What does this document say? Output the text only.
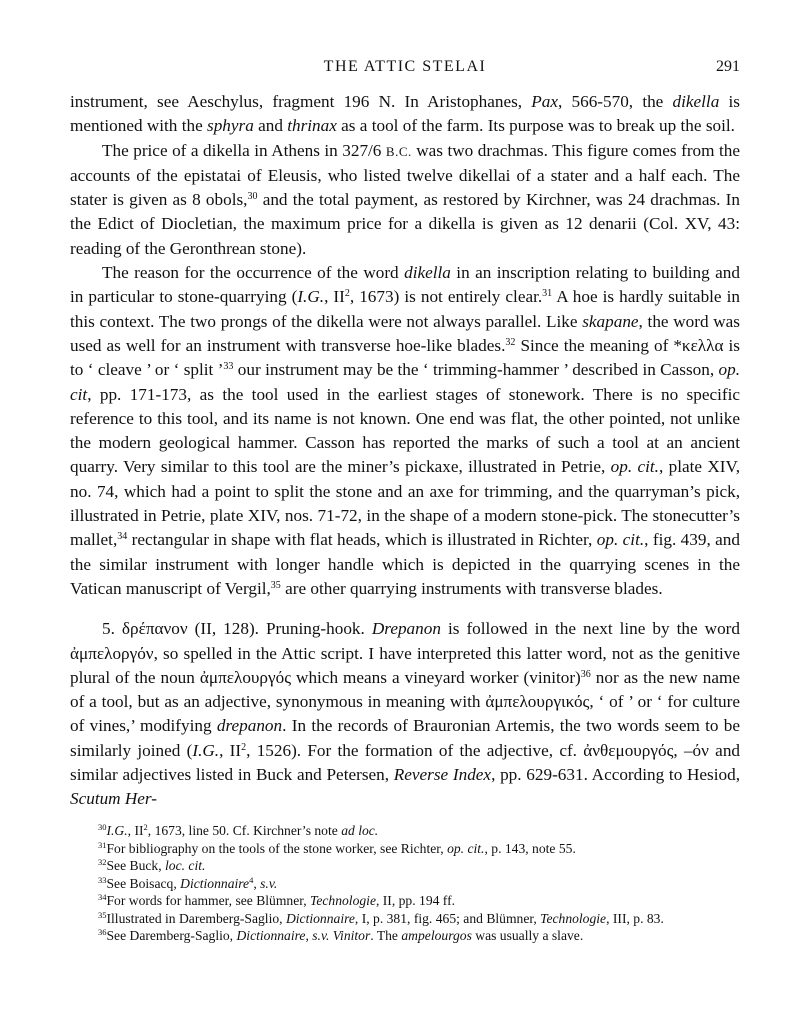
THE ATTIC STELAI	291

instrument, see Aeschylus, fragment 196 N. In Aristophanes, Pax, 566-570, the dikella is mentioned with the sphyra and thrinax as a tool of the farm. Its purpose was to break up the soil.

The price of a dikella in Athens in 327/6 B.C. was two drachmas. This figure comes from the accounts of the epistatai of Eleusis, who listed twelve dikellai of a stater and a half each. The stater is given as 8 obols,$^{30}$ and the total payment, as restored by Kirchner, was 24 drachmas. In the Edict of Diocletian, the maximum price for a dikella is given as 12 denarii (Col. XV, 43: reading of the Geronthrean stone).

The reason for the occurrence of the word dikella in an inscription relating to building and in particular to stone-quarrying (I.G., $II^2$, 1673) is not entirely clear.$^{31}$ A hoe is hardly suitable in this context. The two prongs of the dikella were not always parallel. Like skapane, the word was used as well for an instrument with transverse hoe-like blades.$^{32}$ Since the meaning of *κελλα is to ‘ cleave ’ or ‘ split ’$^{33}$ our instrument may be the ‘ trimming-hammer ’ described in Casson, op. cit, pp. 171-173, as the tool used in the earliest stages of stonework. There is no specific reference to this tool, and its name is not known. One end was flat, the other pointed, not unlike the modern geological hammer. Casson has reported the marks of such a tool at an ancient quarry. Very similar to this tool are the miner’s pickaxe, illustrated in Petrie, op. cit., plate XIV, no. 74, which had a point to split the stone and an axe for trimming, and the quarryman’s pick, illustrated in Petrie, plate XIV, nos. 71-72, in the shape of a modern stone-pick. The stonecutter’s mallet,$^{34}$ rectangular in shape with flat heads, which is illustrated in Richter, op. cit., fig. 439, and the similar instrument with longer handle which is depicted in the quarrying scenes in the Vatican manuscript of Vergil,$^{35}$ are other quarrying instruments with transverse blades.

5. δρέπανον (II, 128). Pruning-hook. Drepanon is followed in the next line by the word ἀμπελοργόν, so spelled in the Attic script. I have interpreted this latter word, not as the genitive plural of the noun ἀμπελουργός which means a vineyard worker (vinitor)$^{36}$ nor as the new name of a tool, but as an adjective, synonymous in meaning with ἀμπελουργικός, ‘ of ’ or ‘ for culture of vines,’ modifying drepanon. In the records of Brauronian Artemis, the two words seem to be similarly joined (I.G., $II^2$, 1526). For the formation of the adjective, cf. ἀνθεμουργός, –όν and similar adjectives listed in Buck and Petersen, Reverse Index, pp. 629-631. According to Hesiod, Scutum Her-

$^{30}$I.G., $II^2$, 1673, line 50. Cf. Kirchner’s note ad loc.

$^{31}$For bibliography on the tools of the stone worker, see Richter, op. cit., p. 143, note 55.

$^{32}$See Buck, loc. cit.

$^{33}$See Boisacq, Dictionnaire$^4$, s.v.

$^{34}$For words for hammer, see Blümner, Technologie, II, pp. 194 ff.

$^{35}$Illustrated in Daremberg-Saglio, Dictionnaire, I, p. 381, fig. 465; and Blümner, Technologie, III, p. 83.

$^{36}$See Daremberg-Saglio, Dictionnaire, s.v. Vinitor. The ampelourgos was usually a slave.
